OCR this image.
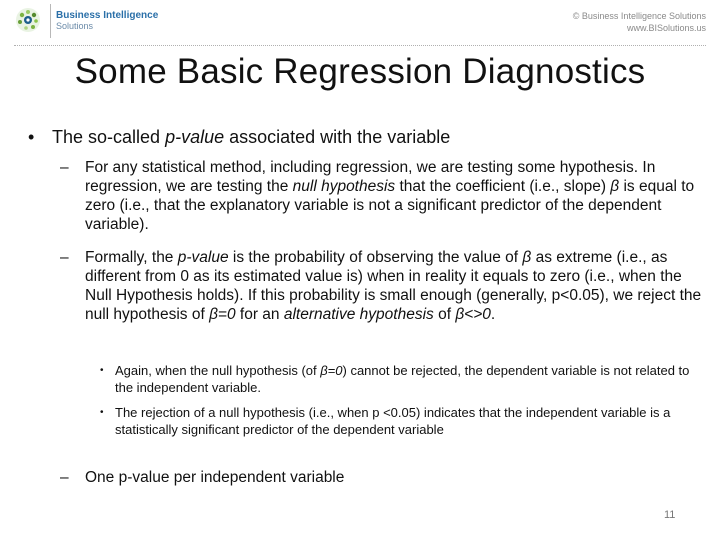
Business Intelligence
Solutions
© Business Intelligence Solutions
www.BISolutions.us
Some Basic Regression Diagnostics
• The so-called p-value associated with the variable
– For any statistical method, including regression, we are testing some hypothesis. In regression, we are testing the null hypothesis that the coefficient (i.e., slope) β is equal to zero (i.e., that the explanatory variable is not a significant predictor of the dependent variable).
– Formally, the p-value is the probability of observing the value of β as extreme (i.e., as different from 0 as its estimated value is) when in reality it equals to zero (i.e., when the Null Hypothesis holds). If this probability is small enough (generally, p<0.05), we reject the null hypothesis of β=0 for an alternative hypothesis of β<>0.
• Again, when the null hypothesis (of β=0) cannot be rejected, the dependent variable is not related to the independent variable.
• The rejection of a null hypothesis (i.e., when p <0.05) indicates that the independent variable is a statistically significant predictor of the dependent variable
– One p-value per independent variable
11
